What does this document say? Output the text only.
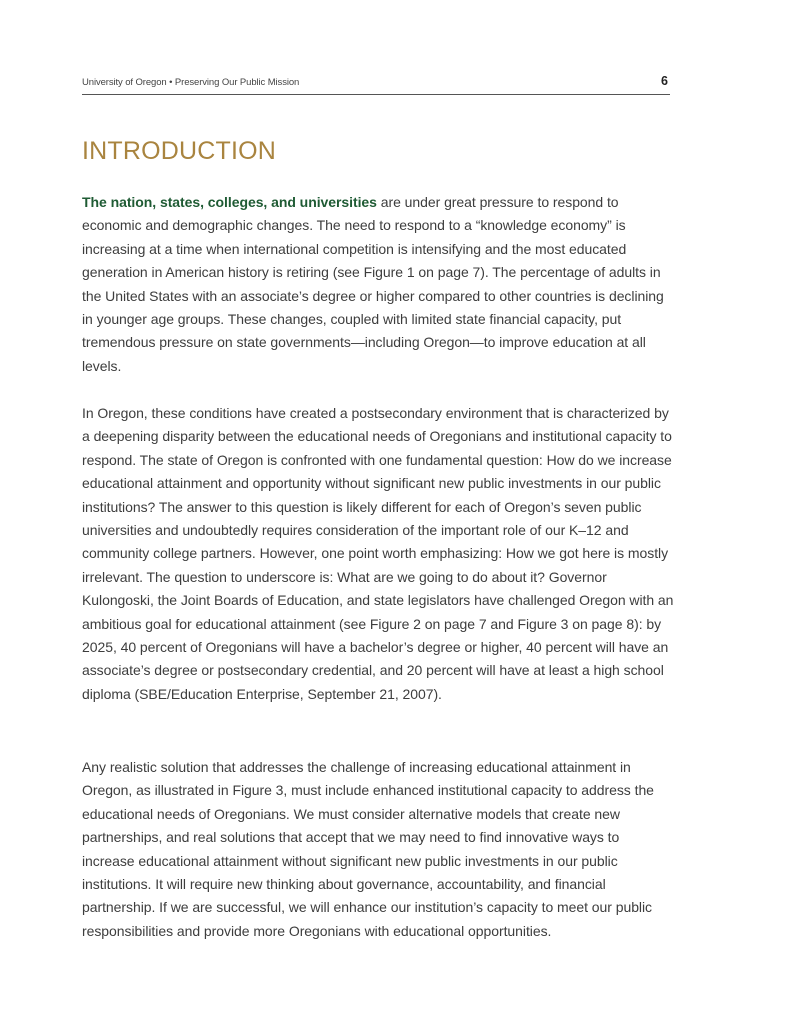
University of Oregon • Preserving Our Public Mission	6
INTRODUCTION

The nation, states, colleges, and universities are under great pressure to respond to economic and demographic changes. The need to respond to a “knowledge economy” is increasing at a time when international competition is intensifying and the most educated generation in American history is retiring (see Figure 1 on page 7). The percentage of adults in the United States with an associate’s degree or higher compared to other countries is declining in younger age groups. These changes, coupled with limited state financial capacity, put tremendous pressure on state governments—including Oregon—to improve education at all levels.

In Oregon, these conditions have created a postsecondary environment that is characterized by a deepening disparity between the educational needs of Oregonians and institutional capacity to respond. The state of Oregon is confronted with one fundamental question: How do we increase educational attainment and opportunity without significant new public investments in our public institutions? The answer to this question is likely different for each of Oregon’s seven public universities and undoubtedly requires consideration of the important role of our K–12 and community college partners. However, one point worth emphasizing: How we got here is mostly irrelevant. The question to underscore is: What are we going to do about it? Governor Kulongoski, the Joint Boards of Education, and state legislators have challenged Oregon with an ambitious goal for educational attainment (see Figure 2 on page 7 and Figure 3 on page 8): by 2025, 40 percent of Oregonians will have a bachelor’s degree or higher, 40 percent will have an associate’s degree or postsecondary credential, and 20 percent will have at least a high school diploma (SBE/Education Enterprise, September 21, 2007).

Any realistic solution that addresses the challenge of increasing educational attainment in Oregon, as illustrated in Figure 3, must include enhanced institutional capacity to address the educational needs of Oregonians. We must consider alternative models that create new partnerships, and real solutions that accept that we may need to find innovative ways to increase educational attainment without significant new public investments in our public institutions. It will require new thinking about governance, accountability, and financial partnership. If we are successful, we will enhance our institution’s capacity to meet our public responsibilities and provide more Oregonians with educational opportunities.
